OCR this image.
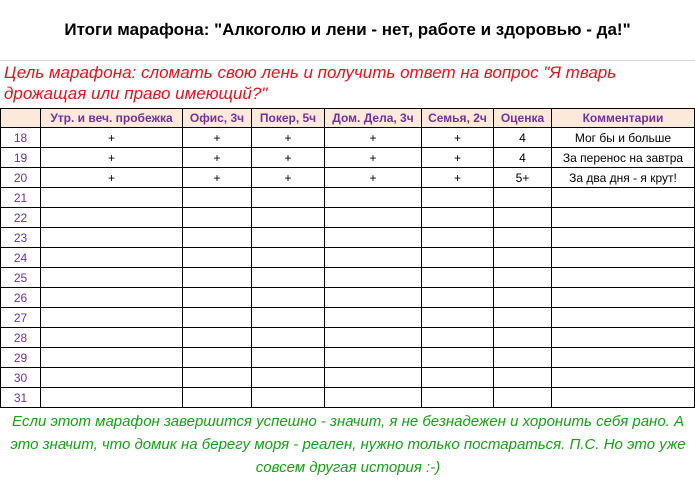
Итоги марафона: "Алкоголю и лени - нет, работе и здоровью - да!"
Цель марафона: сломать свою лень и получить ответ на вопрос "Я тварь дрожащая или право имеющий?"
	Утр. и веч. пробежка	Офис, 3ч	Покер, 5ч	Дом. Дела, 3ч	Семья, 2ч	Оценка	Комментарии
18	+	+	+	+	+	4	Мог бы и больше
19	+	+	+	+	+	4	За перенос на завтра
20	+	+	+	+	+	5+	За два дня - я крут!
21							
22							
23							
24							
25							
26							
27							
28							
29							
30							
31							
Если этот марафон завершится успешно - значит, я не безнадежен и хоронить себя рано. А это значит, что домик на берегу моря - реален, нужно только постараться. П.С. Но это уже совсем другая история :-)
